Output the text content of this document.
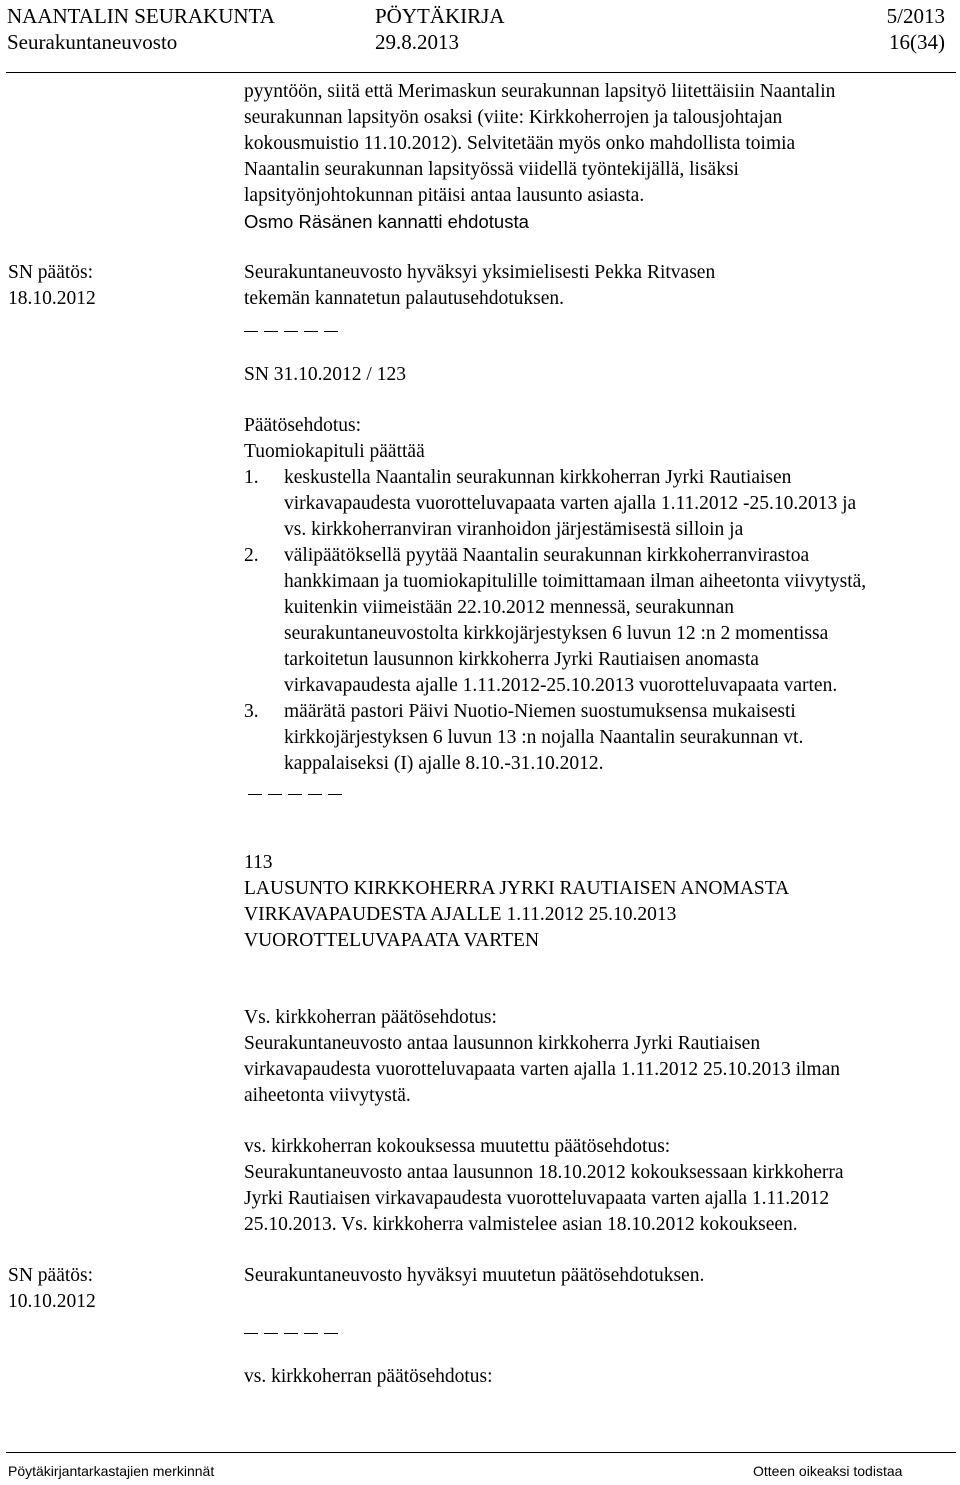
NAANTALIN SEURAKUNTA	PÖYTÄKIRJA	5/2013
Seurakuntaneuvosto	29.8.2013	16(34)
pyyntöön, siitä että Merimaskun seurakunnan lapsityö liitettäisiin Naantalin
seurakunnan lapsityön osaksi (viite: Kirkkoherrojen ja talousjohtajan
kokousmuistio 11.10.2012). Selvitetään myös onko mahdollista toimia
Naantalin seurakunnan lapsityössä viidellä työntekijällä, lisäksi
lapsityönjohtokunnan pitäisi antaa lausunto asiasta.
Osmo Räsänen kannatti ehdotusta
SN päätös:
18.10.2012
Seurakuntaneuvosto hyväksyi yksimielisesti Pekka Ritvasen
tekemän kannatetun palautusehdotuksen.
SN 31.10.2012 / 123
Päätösehdotus:
Tuomiokapituli päättää
1. keskustella Naantalin seurakunnan kirkkoherran Jyrki Rautiaisen
virkavapaudesta vuorotteluvapaata varten ajalla 1.11.2012 -25.10.2013 ja
vs. kirkkoherranviran viranhoidon järjestämisestä silloin ja
2. välipäätöksellä pyytää Naantalin seurakunnan kirkkoherranvirastoa
hankkimaan ja tuomiokapitulille toimittamaan ilman aiheetonta viivytystä,
kuitenkin viimeistään 22.10.2012 mennessä, seurakunnan
seurakuntaneuvostolta kirkkojärjestyksen 6 luvun 12 :n 2 momentissa
tarkoitetun lausunnon kirkkoherra Jyrki Rautiaisen anomasta
virkavapaudesta ajalle 1.11.2012-25.10.2013 vuorotteluvapaata varten.
3. määrätä pastori Päivi Nuotio-Niemen suostumuksensa mukaisesti
kirkkojärjestyksen 6 luvun 13 :n nojalla Naantalin seurakunnan vt.
kappalaiseksi (I) ajalle 8.10.-31.10.2012.
113
LAUSUNTO KIRKKOHERRA JYRKI RAUTIAISEN ANOMASTA
VIRKAVAPAUDESTA AJALLE 1.11.2012 25.10.2013
VUOROTTELUVAPAATA VARTEN
Vs. kirkkoherran päätösehdotus:
Seurakuntaneuvosto antaa lausunnon kirkkoherra Jyrki Rautiaisen
virkavapaudesta vuorotteluvapaata varten ajalla 1.11.2012 25.10.2013 ilman
aiheetonta viivytystä.
vs. kirkkoherran kokouksessa muutettu päätösehdotus:
Seurakuntaneuvosto antaa lausunnon 18.10.2012 kokouksessaan kirkkoherra
Jyrki Rautiaisen virkavapaudesta vuorotteluvapaata varten ajalla 1.11.2012
25.10.2013. Vs. kirkkoherra valmistelee asian 18.10.2012 kokoukseen.
SN päätös:
10.10.2012
Seurakuntaneuvosto hyväksyi muutetun päätösehdotuksen.
vs. kirkkoherran päätösehdotus:
Pöytäkirjantarkastajien merkinnät	Otteen oikeaksi todistaa
